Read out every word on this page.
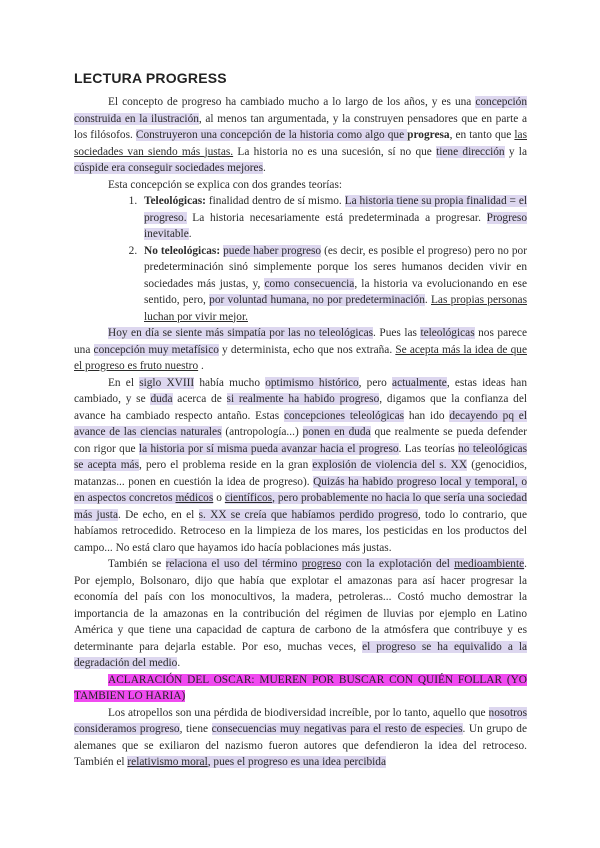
LECTURA PROGRESS

El concepto de progreso ha cambiado mucho a lo largo de los años, y es una concepción construida en la ilustración, al menos tan argumentada, y la construyen pensadores que en parte a los filósofos. Construyeron una concepción de la historia como algo que progresa, en tanto que las sociedades van siendo más justas. La historia no es una sucesión, sí no que tiene dirección y la cúspide era conseguir sociedades mejores.

Esta concepción se explica con dos grandes teorías:

1. Teleológicas: finalidad dentro de sí mismo. La historia tiene su propia finalidad = el progreso. La historia necesariamente está predeterminada a progresar. Progreso inevitable.
2. No teleológicas: puede haber progreso (es decir, es posible el progreso) pero no por predeterminación sinó simplemente porque los seres humanos deciden vivir en sociedades más justas, y, como consecuencia, la historia va evolucionando en ese sentido, pero, por voluntad humana, no por predeterminación. Las propias personas luchan por vivir mejor.

Hoy en día se siente más simpatía por las no teleológicas. Pues las teleológicas nos parece una concepción muy metafísico y determinista, echo que nos extraña. Se acepta más la idea de que el progreso es fruto nuestro .

En el siglo XVIII había mucho optimismo histórico, pero actualmente, estas ideas han cambiado, y se duda acerca de si realmente ha habido progreso, digamos que la confianza del avance ha cambiado respecto antaño. Estas concepciones teleológicas han ido decayendo pq el avance de las ciencias naturales (antropología...) ponen en duda que realmente se pueda defender con rigor que la historia por sí misma pueda avanzar hacia el progreso. Las teorías no teleológicas se acepta más, pero el problema reside en la gran explosión de violencia del s. XX (genocidios, matanzas... ponen en cuestión la idea de progreso). Quizás ha habido progreso local y temporal, o en aspectos concretos médicos o científicos, pero probablemente no hacia lo que sería una sociedad más justa. De echo, en el s. XX se creía que habíamos perdido progreso, todo lo contrario, que habíamos retrocedido. Retroceso en la limpieza de los mares, los pesticidas en los productos del campo... No está claro que hayamos ido hacía poblaciones más justas.

También se relaciona el uso del término progreso con la explotación del medioambiente. Por ejemplo, Bolsonaro, dijo que había que explotar el amazonas para así hacer progresar la economía del país con los monocultivos, la madera, petroleras... Costó mucho demostrar la importancia de la amazonas en la contribución del régimen de lluvias por ejemplo en Latino América y que tiene una capacidad de captura de carbono de la atmósfera que contribuye y es determinante para dejarla estable. Por eso, muchas veces, el progreso se ha equivalido a la degradación del medio.

ACLARACIÓN DEL OSCAR: MUEREN POR BUSCAR CON QUIÉN FOLLAR (YO TAMBIEN LO HARIA)

Los atropellos son una pérdida de biodiversidad increíble, por lo tanto, aquello que nosotros consideramos progreso, tiene consecuencias muy negativas para el resto de especies. Un grupo de alemanes que se exiliaron del nazismo fueron autores que defendieron la idea del retroceso. También el relativismo moral, pues el progreso es una idea percibida
